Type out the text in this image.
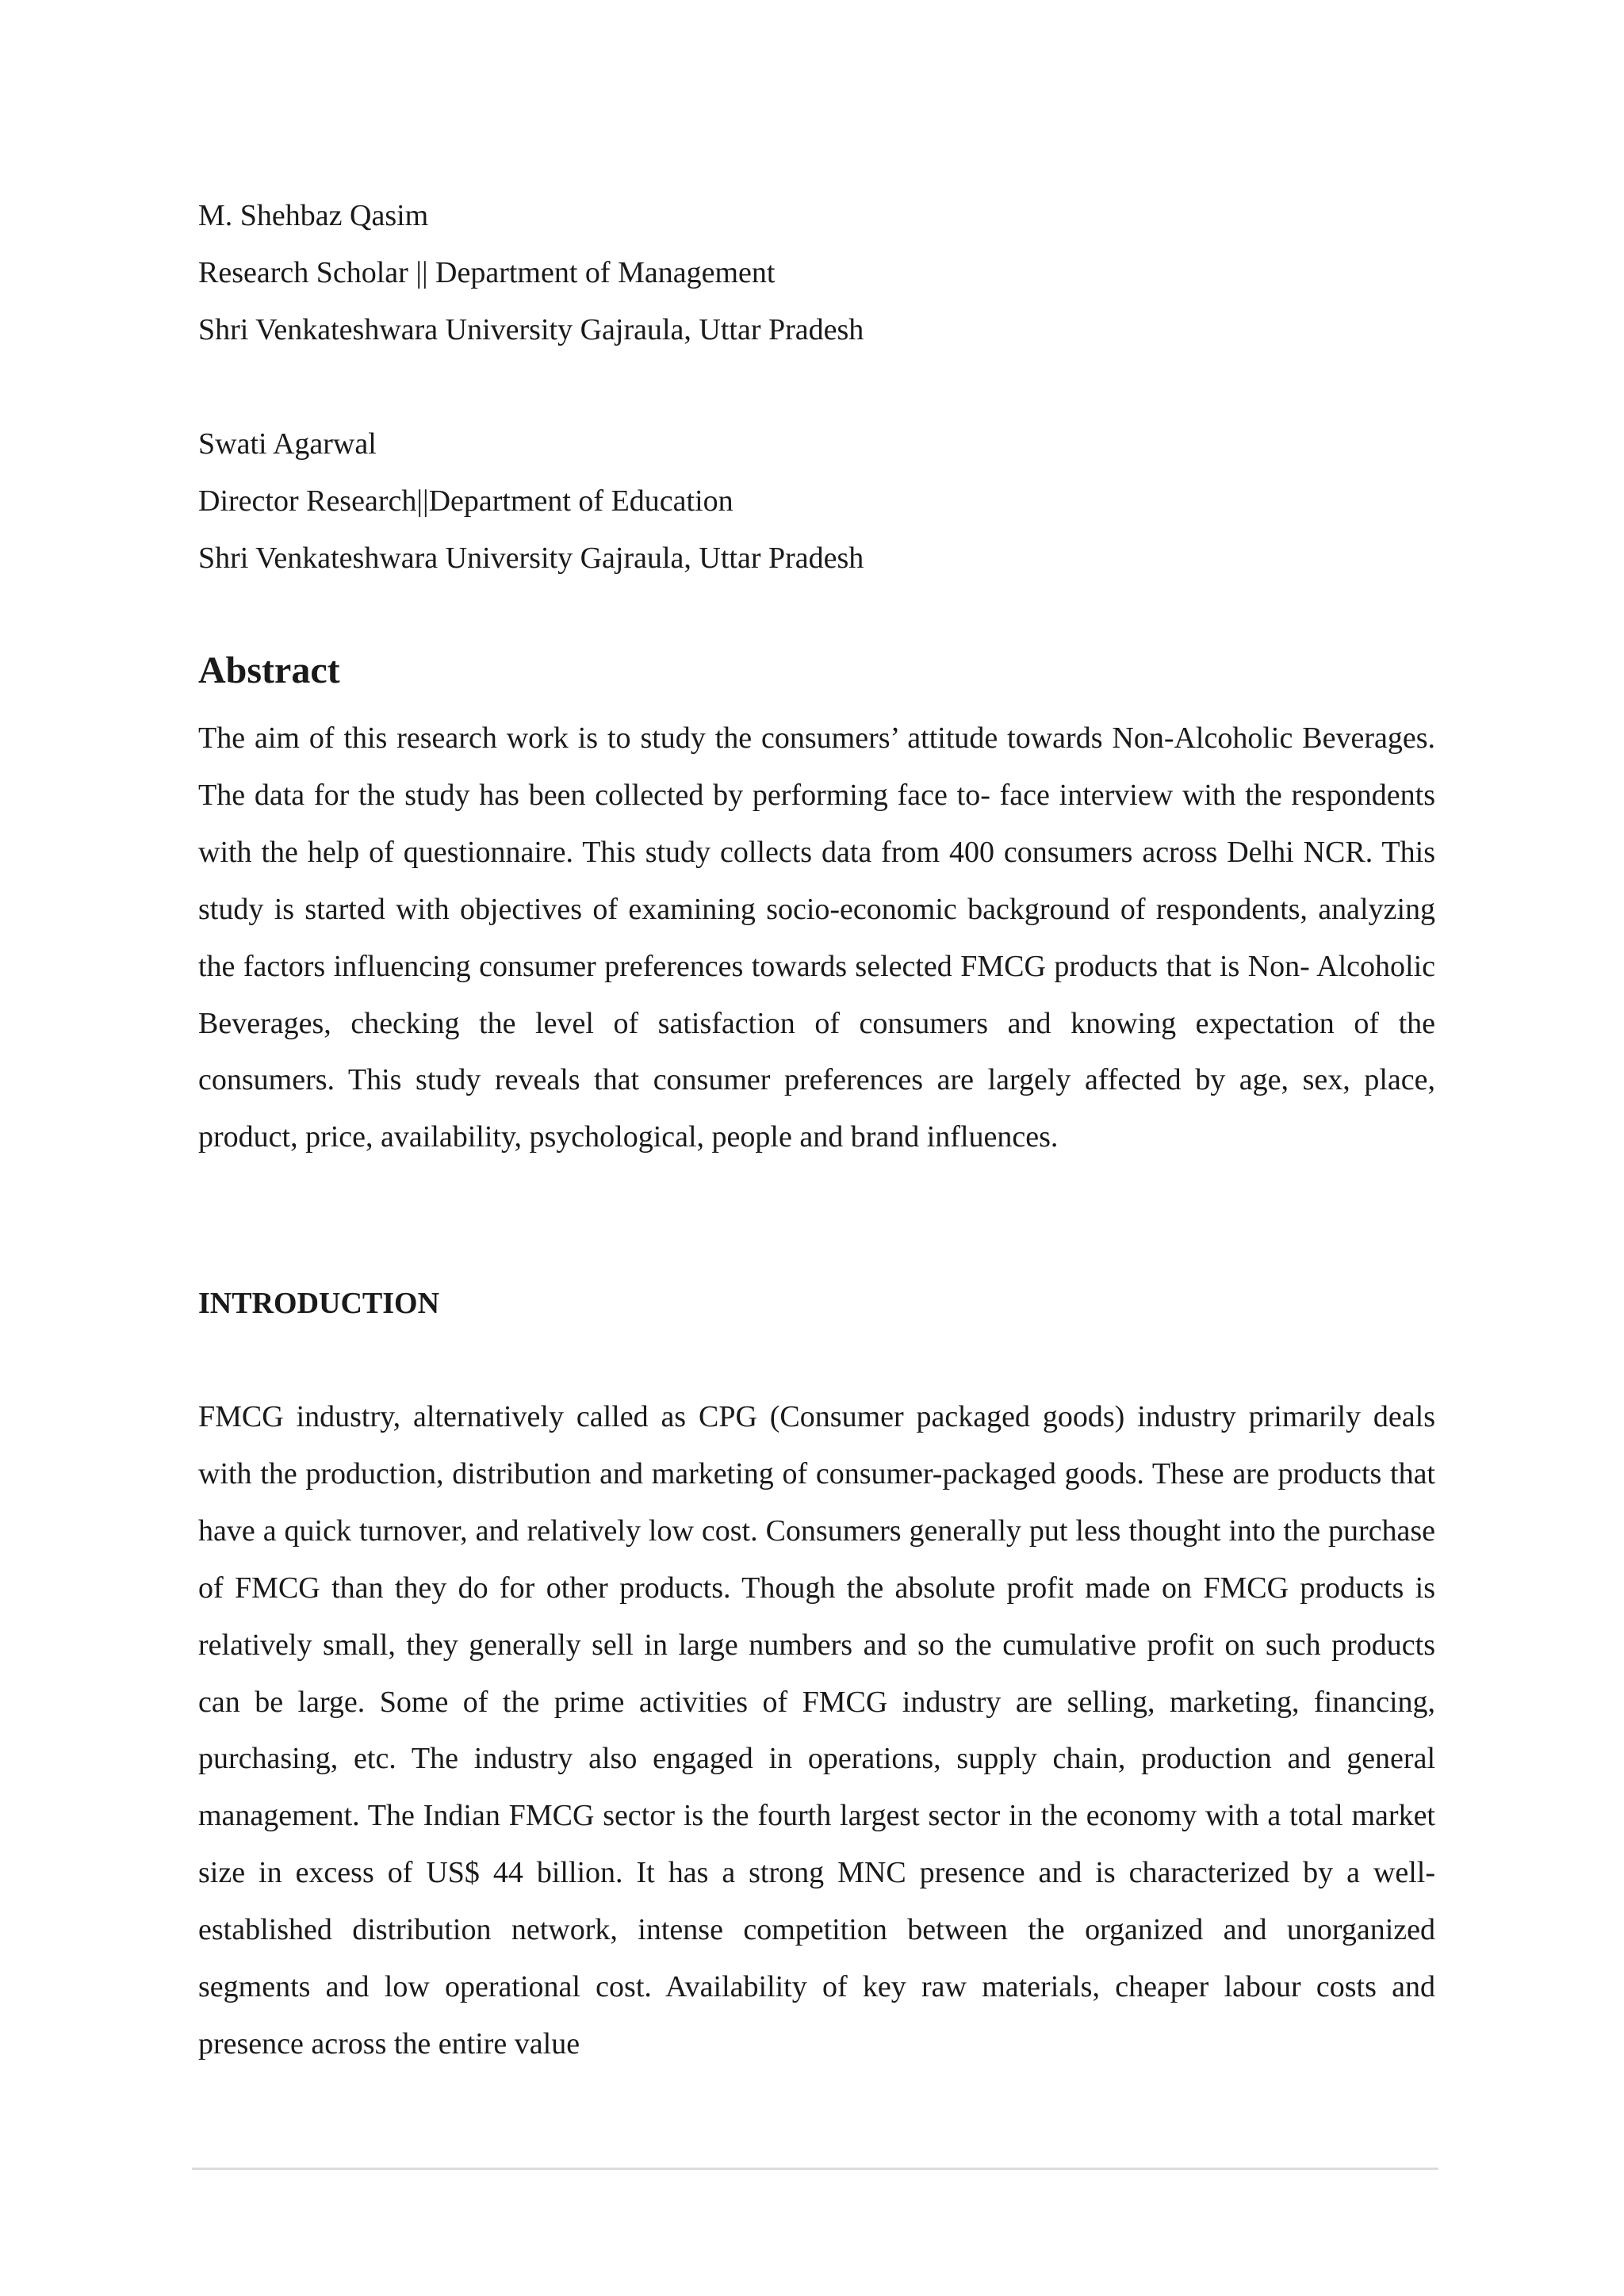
M. Shehbaz Qasim
Research Scholar || Department of Management
Shri Venkateshwara University Gajraula, Uttar Pradesh
Swati Agarwal
Director Research||Department of Education
Shri Venkateshwara University Gajraula, Uttar Pradesh
Abstract

The aim of this research work is to study the consumers’ attitude towards Non-Alcoholic Beverages. The data for the study has been collected by performing face to- face interview with the respondents with the help of questionnaire. This study collects data from 400 consumers across Delhi NCR. This study is started with objectives of examining socio-economic background of respondents, analyzing the factors influencing consumer preferences towards selected FMCG products that is Non- Alcoholic Beverages, checking the level of satisfaction of consumers and knowing expectation of the consumers. This study reveals that consumer preferences are largely affected by age, sex, place, product, price, availability, psychological, people and brand influences.

INTRODUCTION

FMCG industry, alternatively called as CPG (Consumer packaged goods) industry primarily deals with the production, distribution and marketing of consumer-packaged goods. These are products that have a quick turnover, and relatively low cost. Consumers generally put less thought into the purchase of FMCG than they do for other products. Though the absolute profit made on FMCG products is relatively small, they generally sell in large numbers and so the cumulative profit on such products can be large. Some of the prime activities of FMCG industry are selling, marketing, financing, purchasing, etc. The industry also engaged in operations, supply chain, production and general management. The Indian FMCG sector is the fourth largest sector in the economy with a total market size in excess of US$ 44 billion. It has a strong MNC presence and is characterized by a well-established distribution network, intense competition between the organized and unorganized segments and low operational cost. Availability of key raw materials, cheaper labour costs and presence across the entire value
